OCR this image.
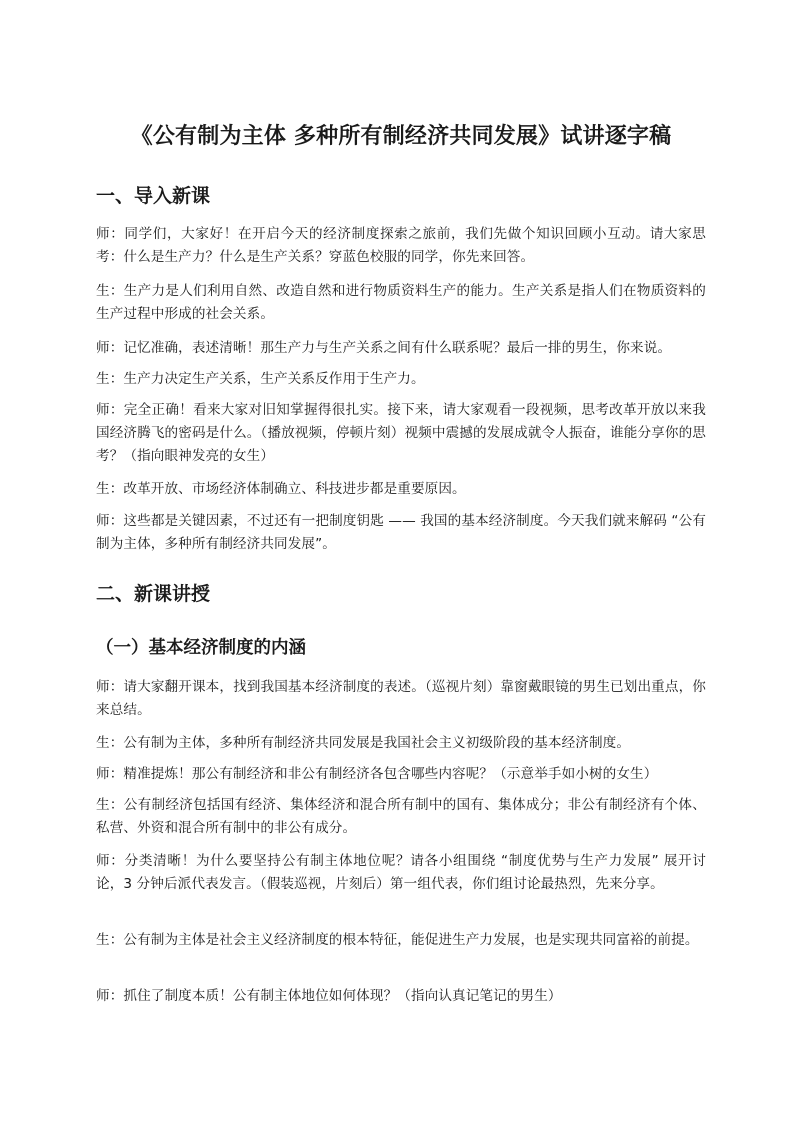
《公有制为主体 多种所有制经济共同发展》试讲逐字稿
一、导入新课
师：同学们，大家好！在开启今天的经济制度探索之旅前，我们先做个知识回顾小互动。请大家思考：什么是生产力？什么是生产关系？穿蓝色校服的同学，你先来回答。
生：生产力是人们利用自然、改造自然和进行物质资料生产的能力。生产关系是指人们在物质资料的生产过程中形成的社会关系。
师：记忆准确，表述清晰！那生产力与生产关系之间有什么联系呢？最后一排的男生，你来说。
生：生产力决定生产关系，生产关系反作用于生产力。
师：完全正确！看来大家对旧知掌握得很扎实。接下来，请大家观看一段视频，思考改革开放以来我国经济腾飞的密码是什么。（播放视频，停顿片刻）视频中震撼的发展成就令人振奋，谁能分享你的思考？（指向眼神发亮的女生）
生：改革开放、市场经济体制确立、科技进步都是重要原因。
师：这些都是关键因素，不过还有一把制度钥匙 —— 我国的基本经济制度。今天我们就来解码 “公有制为主体，多种所有制经济共同发展”。
二、新课讲授
（一）基本经济制度的内涵
师：请大家翻开课本，找到我国基本经济制度的表述。（巡视片刻）靠窗戴眼镜的男生已划出重点，你来总结。
生：公有制为主体，多种所有制经济共同发展是我国社会主义初级阶段的基本经济制度。
师：精准提炼！那公有制经济和非公有制经济各包含哪些内容呢？（示意举手如小树的女生）
生：公有制经济包括国有经济、集体经济和混合所有制中的国有、集体成分；非公有制经济有个体、私营、外资和混合所有制中的非公有成分。
师：分类清晰！为什么要坚持公有制主体地位呢？请各小组围绕 “制度优势与生产力发展” 展开讨论，3 分钟后派代表发言。（假装巡视，片刻后）第一组代表，你们组讨论最热烈，先来分享。
生：公有制为主体是社会主义经济制度的根本特征，能促进生产力发展，也是实现共同富裕的前提。
师：抓住了制度本质！公有制主体地位如何体现？（指向认真记笔记的男生）
